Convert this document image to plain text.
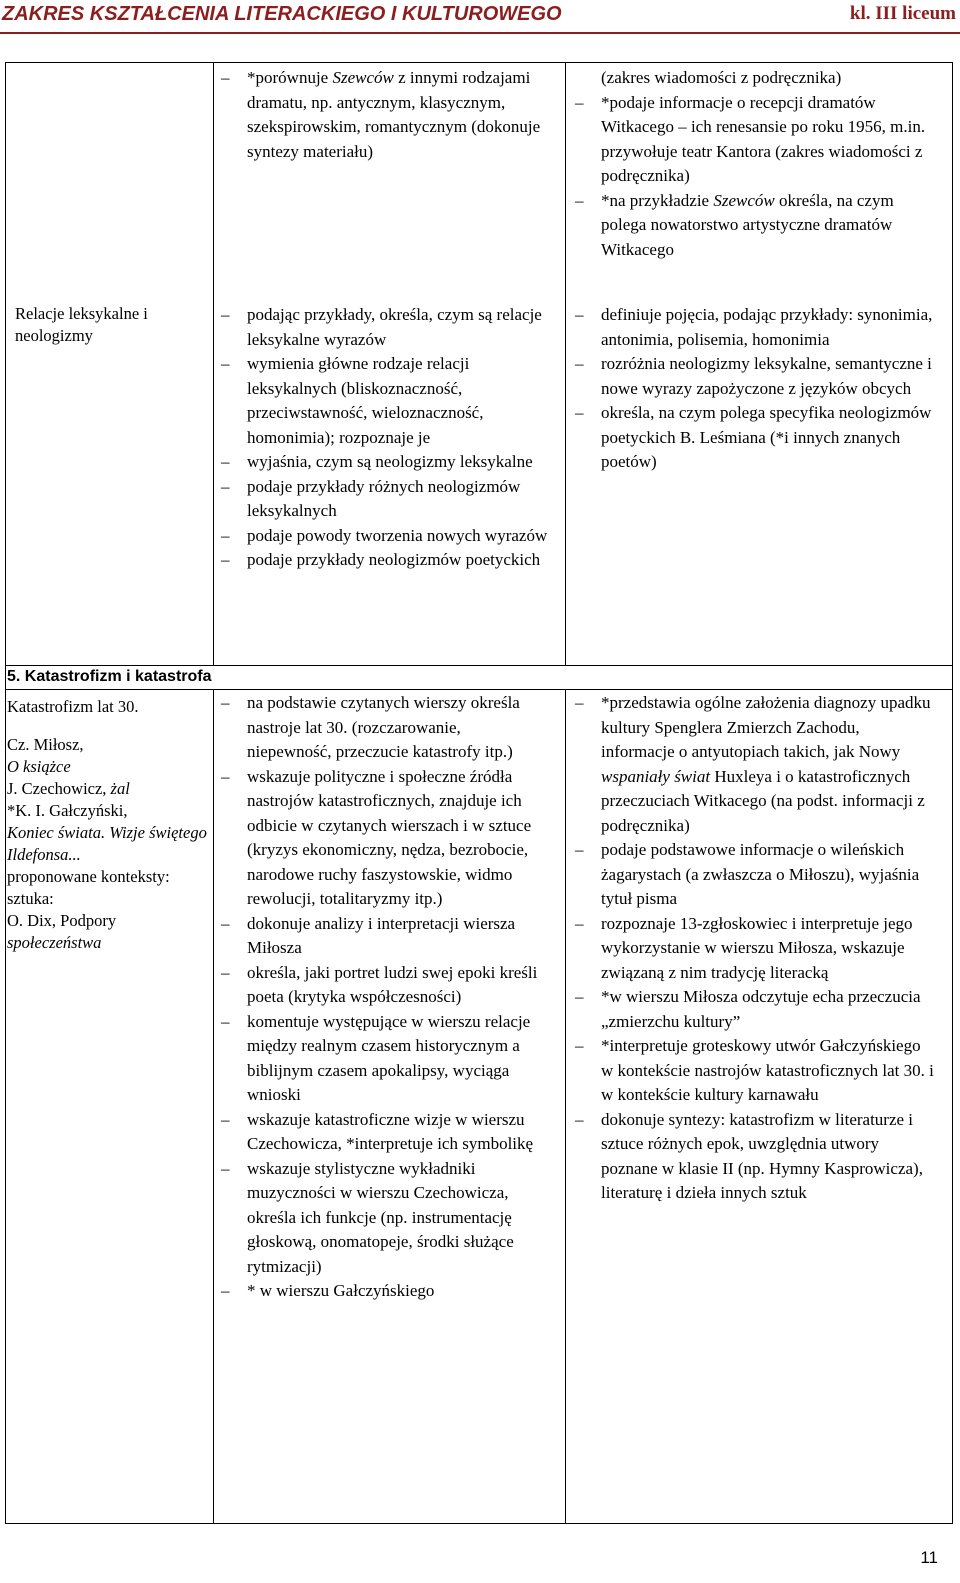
ZAKRES KSZTAŁCENIA LITERACKIEGO I KULTUROWEGO	kl. III liceum

– *porównuje Szewców z innymi rodzajami dramatu, np. antycznym, klasycznym, szekspirowskim, romantycznym (dokonuje syntezy materiału)

(zakres wiadomości z podręcznika)

– *podaje informacje o recepcji dramatów Witkacego – ich renesansie po roku 1956, m.in. przywołuje teatr Kantora (zakres wiadomości z podręcznika)

– *na przykładzie Szewców określa, na czym polega nowatorstwo artystyczne dramatów Witkacego

Relacje leksykalne i neologizmy

– podając przykłady, określa, czym są relacje leksykalne wyrazów

– wymienia główne rodzaje relacji leksykalnych (bliskoznaczność, przeciwstawność, wieloznaczność, homonimia); rozpoznaje je

– wyjaśnia, czym są neologizmy leksykalne

– podaje przykłady różnych neologizmów leksykalnych

– podaje powody tworzenia nowych wyrazów

– podaje przykłady neologizmów poetyckich

– definiuje pojęcia, podając przykłady: synonimia, antonimia, polisemia, homonimia

– rozróżnia neologizmy leksykalne, semantyczne i nowe wyrazy zapożyczone z języków obcych

– określa, na czym polega specyfika neologizmów poetyckich B. Leśmiana (*i innych znanych poetów)

5. Katastrofizm i katastrofa

Katastrofizm lat 30.

Cz. Miłosz,

O książce

J. Czechowicz, żal

*K. I. Gałczyński,

Koniec świata. Wizje świętego Ildefonsa...

proponowane konteksty:

sztuka:

O. Dix, Podpory

społeczeństwa

– na podstawie czytanych wierszy określa nastroje lat 30. (rozczarowanie, niepewność, przeczucie katastrofy itp.)

– wskazuje polityczne i społeczne źródła nastrojów katastroficznych, znajduje ich odbicie w czytanych wierszach i w sztuce (kryzys ekonomiczny, nędza, bezrobocie, narodowe ruchy faszystowskie, widmo rewolucji, totalitaryzmy itp.)

– dokonuje analizy i interpretacji wiersza Miłosza

– określa, jaki portret ludzi swej epoki kreśli poeta (krytyka współczesności)

– komentuje występujące w wierszu relacje między realnym czasem historycznym a biblijnym czasem apokalipsy, wyciąga wnioski

– wskazuje katastroficzne wizje w wierszu Czechowicza, *interpretuje ich symbolikę

– wskazuje stylistyczne wykładniki muzyczności w wierszu Czechowicza, określa ich funkcje (np. instrumentację głoskową, onomatopeje, środki służące rytmizacji)

– * w wierszu Gałczyńskiego

– *przedstawia ogólne założenia diagnozy upadku kultury Spenglera Zmierzch Zachodu, informacje o antyutopiach takich, jak Nowy wspaniały świat Huxleya i o katastroficznych przeczuciach Witkacego (na podst. informacji z podręcznika)

– podaje podstawowe informacje o wileńskich żagarystach (a zwłaszcza o Miłoszu), wyjaśnia tytuł pisma

– rozpoznaje 13-zgłoskowiec i interpretuje jego wykorzystanie w wierszu Miłosza, wskazuje związaną z nim tradycję literacką

– *w wierszu Miłosza odczytuje echa przeczucia „zmierzchu kultury”

– *interpretuje groteskowy utwór Gałczyńskiego w kontekście nastrojów katastroficznych lat 30. i w kontekście kultury karnawału

– dokonuje syntezy: katastrofizm w literaturze i sztuce różnych epok, uwzględnia utwory poznane w klasie II (np. Hymny Kasprowicza), literaturę i dzieła innych sztuk

11
